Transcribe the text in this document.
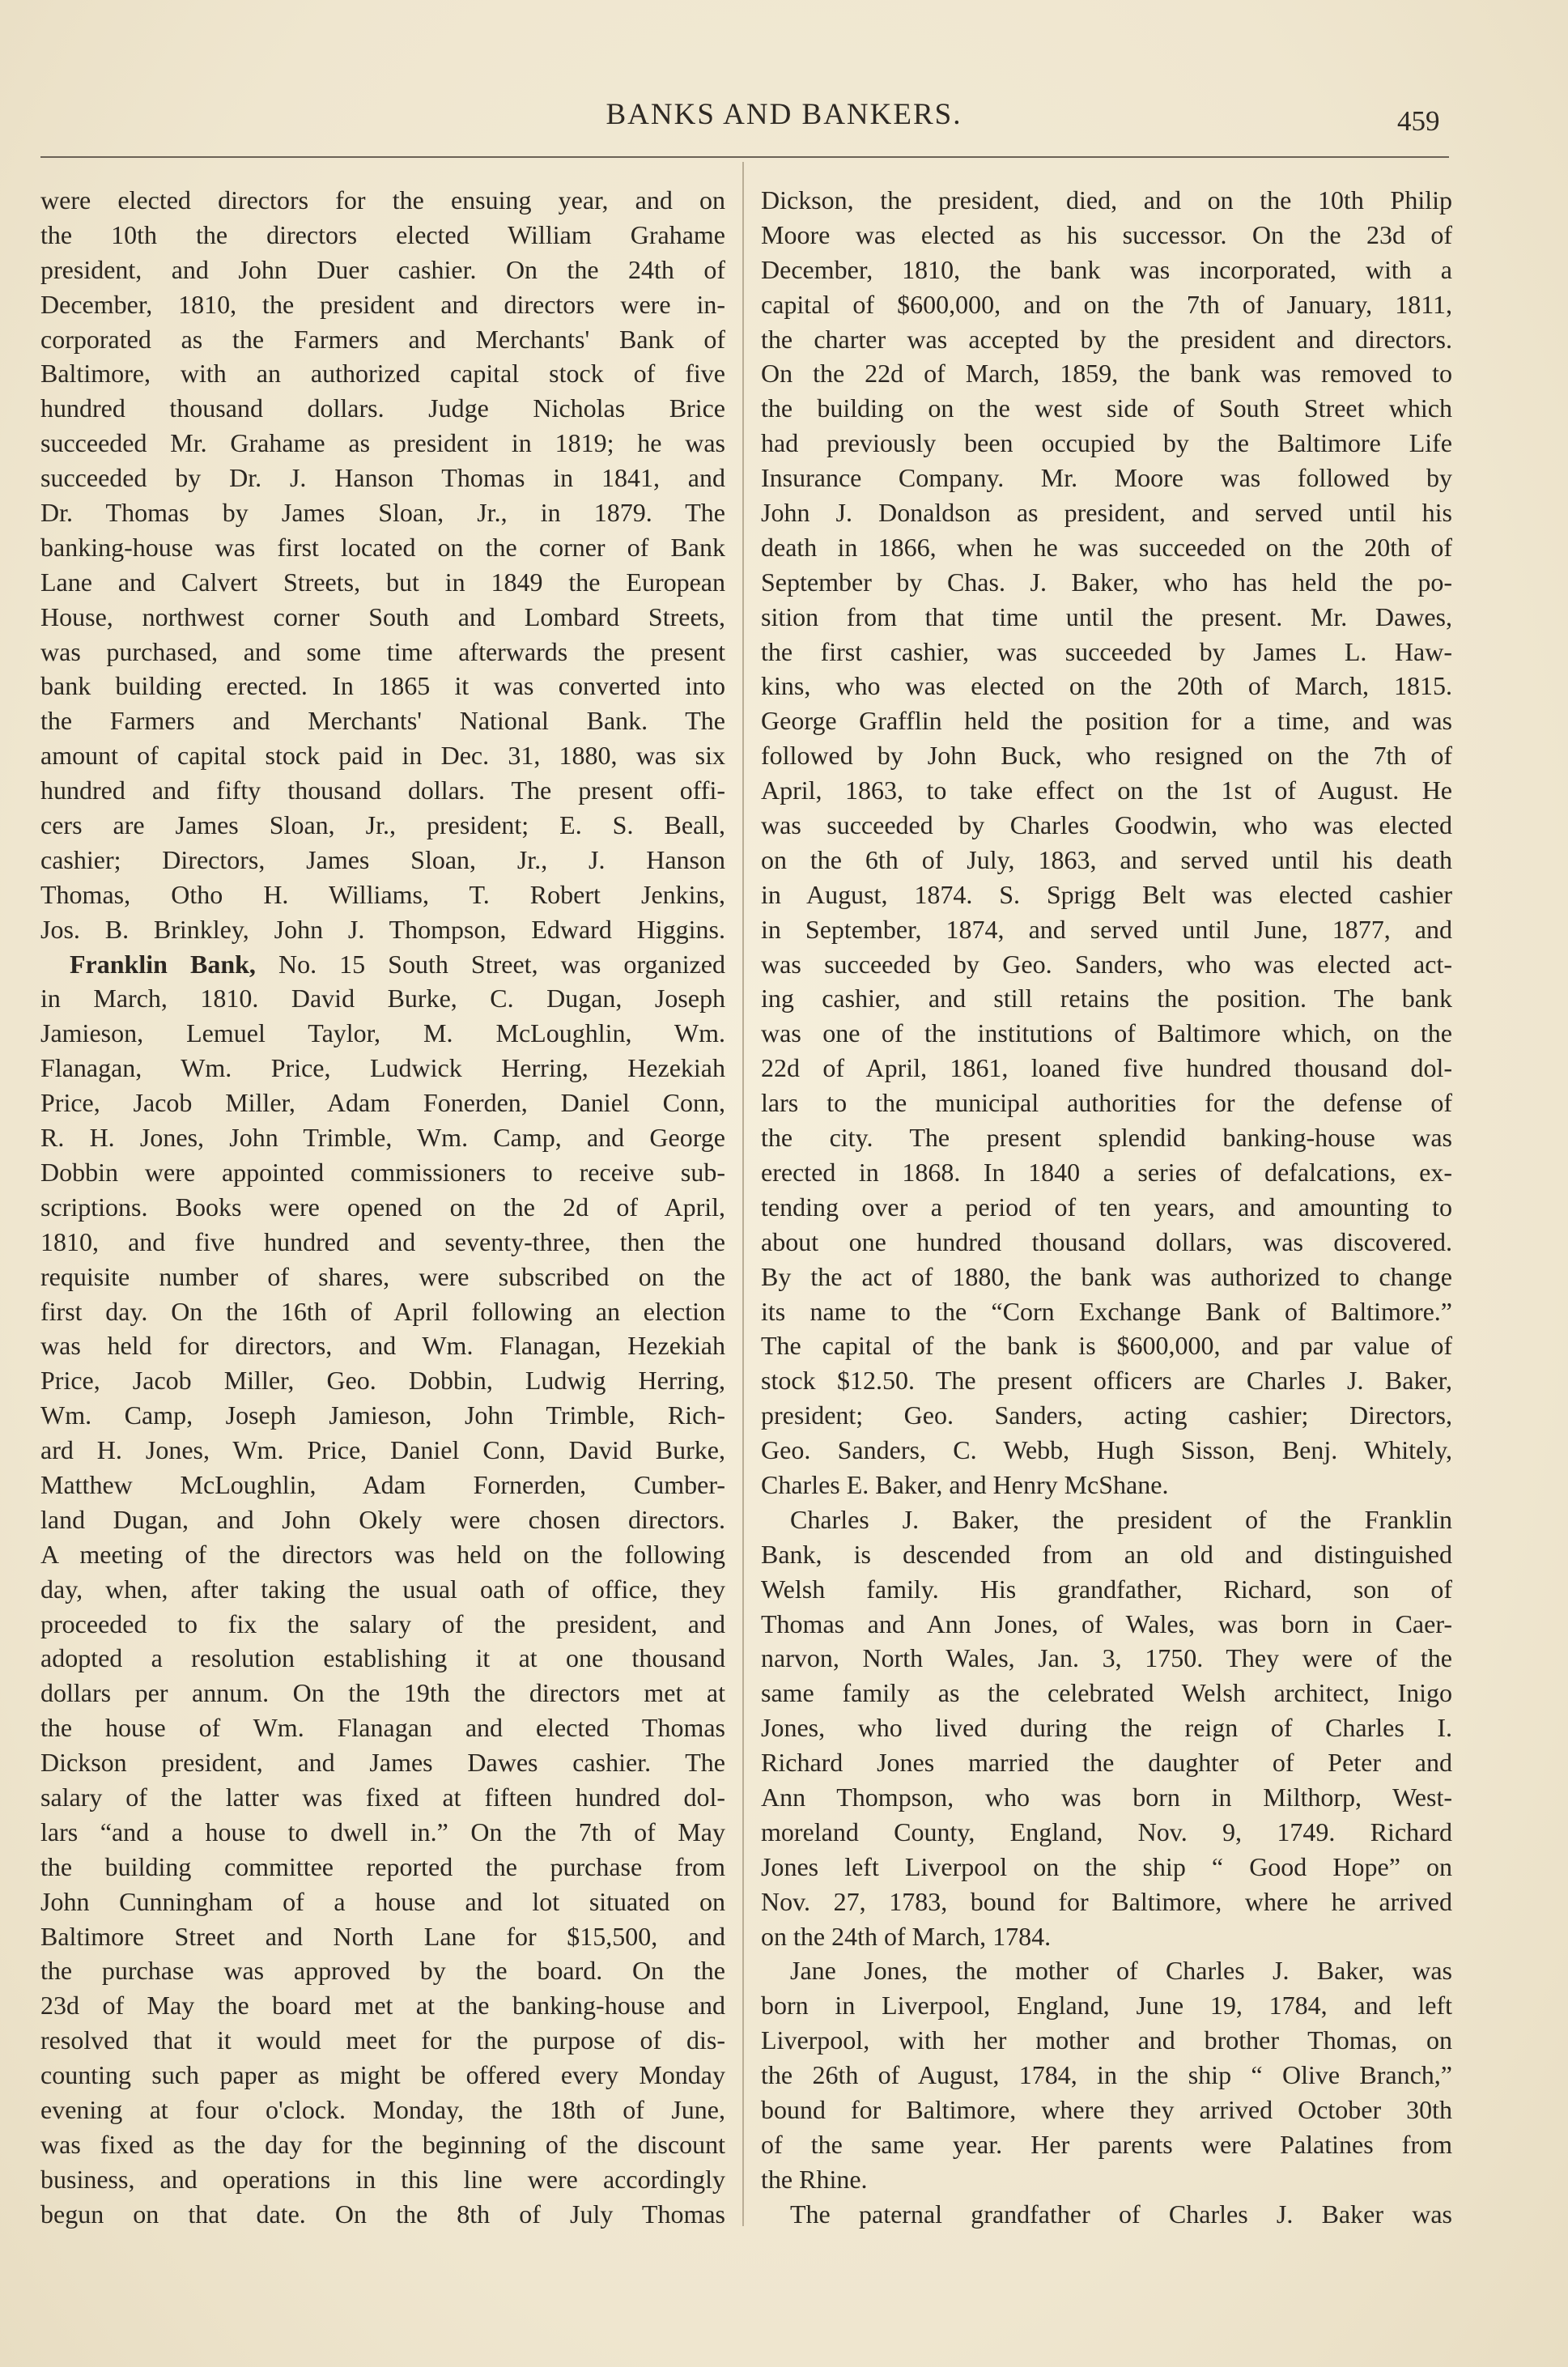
BANKS AND BANKERS.	459
were elected directors for the ensuing year, and on
the 10th the directors elected William Grahame
president, and John Duer cashier. On the 24th of
December, 1810, the president and directors were in-
corporated as the Farmers and Merchants' Bank of
Baltimore, with an authorized capital stock of five
hundred thousand dollars. Judge Nicholas Brice
succeeded Mr. Grahame as president in 1819; he was
succeeded by Dr. J. Hanson Thomas in 1841, and
Dr. Thomas by James Sloan, Jr., in 1879. The
banking-house was first located on the corner of Bank
Lane and Calvert Streets, but in 1849 the European
House, northwest corner South and Lombard Streets,
was purchased, and some time afterwards the present
bank building erected. In 1865 it was converted into
the Farmers and Merchants' National Bank. The
amount of capital stock paid in Dec. 31, 1880, was six
hundred and fifty thousand dollars. The present offi-
cers are James Sloan, Jr., president; E. S. Beall,
cashier; Directors, James Sloan, Jr., J. Hanson
Thomas, Otho H. Williams, T. Robert Jenkins,
Jos. B. Brinkley, John J. Thompson, Edward Higgins.
Franklin Bank, No. 15 South Street, was organized
in March, 1810. David Burke, C. Dugan, Joseph
Jamieson, Lemuel Taylor, M. McLoughlin, Wm.
Flanagan, Wm. Price, Ludwick Herring, Hezekiah
Price, Jacob Miller, Adam Fonerden, Daniel Conn,
R. H. Jones, John Trimble, Wm. Camp, and George
Dobbin were appointed commissioners to receive sub-
scriptions. Books were opened on the 2d of April,
1810, and five hundred and seventy-three, then the
requisite number of shares, were subscribed on the
first day. On the 16th of April following an election
was held for directors, and Wm. Flanagan, Hezekiah
Price, Jacob Miller, Geo. Dobbin, Ludwig Herring,
Wm. Camp, Joseph Jamieson, John Trimble, Rich-
ard H. Jones, Wm. Price, Daniel Conn, David Burke,
Matthew McLoughlin, Adam Fornerden, Cumber-
land Dugan, and John Okely were chosen directors.
A meeting of the directors was held on the following
day, when, after taking the usual oath of office, they
proceeded to fix the salary of the president, and
adopted a resolution establishing it at one thousand
dollars per annum. On the 19th the directors met at
the house of Wm. Flanagan and elected Thomas
Dickson president, and James Dawes cashier. The
salary of the latter was fixed at fifteen hundred dol-
lars “and a house to dwell in.” On the 7th of May
the building committee reported the purchase from
John Cunningham of a house and lot situated on
Baltimore Street and North Lane for $15,500, and
the purchase was approved by the board. On the
23d of May the board met at the banking-house and
resolved that it would meet for the purpose of dis-
counting such paper as might be offered every Monday
evening at four o'clock. Monday, the 18th of June,
was fixed as the day for the beginning of the discount
business, and operations in this line were accordingly
begun on that date. On the 8th of July Thomas
Dickson, the president, died, and on the 10th Philip
Moore was elected as his successor. On the 23d of
December, 1810, the bank was incorporated, with a
capital of $600,000, and on the 7th of January, 1811,
the charter was accepted by the president and directors.
On the 22d of March, 1859, the bank was removed to
the building on the west side of South Street which
had previously been occupied by the Baltimore Life
Insurance Company. Mr. Moore was followed by
John J. Donaldson as president, and served until his
death in 1866, when he was succeeded on the 20th of
September by Chas. J. Baker, who has held the po-
sition from that time until the present. Mr. Dawes,
the first cashier, was succeeded by James L. Haw-
kins, who was elected on the 20th of March, 1815.
George Grafflin held the position for a time, and was
followed by John Buck, who resigned on the 7th of
April, 1863, to take effect on the 1st of August. He
was succeeded by Charles Goodwin, who was elected
on the 6th of July, 1863, and served until his death
in August, 1874. S. Sprigg Belt was elected cashier
in September, 1874, and served until June, 1877, and
was succeeded by Geo. Sanders, who was elected act-
ing cashier, and still retains the position. The bank
was one of the institutions of Baltimore which, on the
22d of April, 1861, loaned five hundred thousand dol-
lars to the municipal authorities for the defense of
the city. The present splendid banking-house was
erected in 1868. In 1840 a series of defalcations, ex-
tending over a period of ten years, and amounting to
about one hundred thousand dollars, was discovered.
By the act of 1880, the bank was authorized to change
its name to the “Corn Exchange Bank of Baltimore.”
The capital of the bank is $600,000, and par value of
stock $12.50. The present officers are Charles J. Baker,
president; Geo. Sanders, acting cashier; Directors,
Geo. Sanders, C. Webb, Hugh Sisson, Benj. Whitely,
Charles E. Baker, and Henry McShane.
Charles J. Baker, the president of the Franklin
Bank, is descended from an old and distinguished
Welsh family. His grandfather, Richard, son of
Thomas and Ann Jones, of Wales, was born in Caer-
narvon, North Wales, Jan. 3, 1750. They were of the
same family as the celebrated Welsh architect, Inigo
Jones, who lived during the reign of Charles I.
Richard Jones married the daughter of Peter and
Ann Thompson, who was born in Milthorp, West-
moreland County, England, Nov. 9, 1749. Richard
Jones left Liverpool on the ship “ Good Hope” on
Nov. 27, 1783, bound for Baltimore, where he arrived
on the 24th of March, 1784.
Jane Jones, the mother of Charles J. Baker, was
born in Liverpool, England, June 19, 1784, and left
Liverpool, with her mother and brother Thomas, on
the 26th of August, 1784, in the ship “ Olive Branch,”
bound for Baltimore, where they arrived October 30th
of the same year. Her parents were Palatines from
the Rhine.
The paternal grandfather of Charles J. Baker was
